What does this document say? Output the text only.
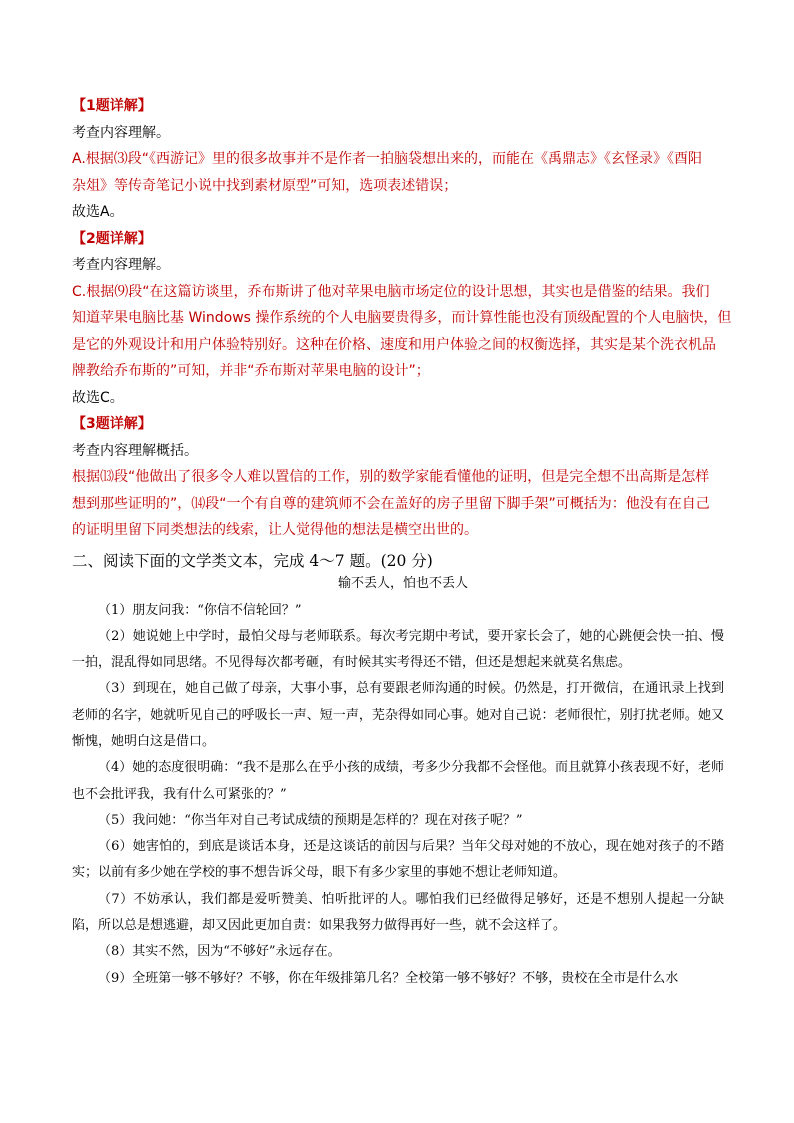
【1题详解】
考查内容理解。
A.根据⑶段“《西游记》里的很多故事并不是作者一拍脑袋想出来的，而能在《禹鼎志》《玄怪录》《酉阳
杂俎》等传奇笔记小说中找到素材原型”可知，选项表述错误；
故选A。
【2题详解】
考查内容理解。
C.根据⑼段“在这篇访谈里，乔布斯讲了他对苹果电脑市场定位的设计思想，其实也是借鉴的结果。我们
知道苹果电脑比基 Windows 操作系统的个人电脑要贵得多，而计算性能也没有顶级配置的个人电脑快，但
是它的外观设计和用户体验特别好。这种在价格、速度和用户体验之间的权衡选择，其实是某个洗衣机品
牌教给乔布斯的”可知，并非“乔布斯对苹果电脑的设计”；
故选C。
【3题详解】
考查内容理解概括。
根据⒀段“他做出了很多令人难以置信的工作，别的数学家能看懂他的证明，但是完全想不出高斯是怎样
想到那些证明的”，⒁段“一个有自尊的建筑师不会在盖好的房子里留下脚手架”可概括为：他没有在自己
的证明里留下同类想法的线索，让人觉得他的想法是横空出世的。
二、阅读下面的文学类文本，完成 4～7 题。(20 分)
输不丢人，怕也不丢人

（1）朋友问我：“你信不信轮回？”

（2）她说她上中学时，最怕父母与老师联系。每次考完期中考试，要开家长会了，她的心跳便会快一拍、慢一拍，混乱得如同思绪。不见得每次都考砸，有时候其实考得还不错，但还是想起来就莫名焦虑。

（3）到现在，她自己做了母亲，大事小事，总有要跟老师沟通的时候。仍然是，打开微信，在通讯录上找到老师的名字，她就听见自己的呼吸长一声、短一声，芜杂得如同心事。她对自己说：老师很忙，别打扰老师。她又惭愧，她明白这是借口。

（4）她的态度很明确：“我不是那么在乎小孩的成绩，考多少分我都不会怪他。而且就算小孩表现不好，老师也不会批评我，我有什么可紧张的？”

（5）我问她：“你当年对自己考试成绩的预期是怎样的？现在对孩子呢？”

（6）她害怕的，到底是谈话本身，还是这谈话的前因与后果？当年父母对她的不放心，现在她对孩子的不踏实；以前有多少她在学校的事不想告诉父母，眼下有多少家里的事她不想让老师知道。

（7）不妨承认，我们都是爱听赞美、怕听批评的人。哪怕我们已经做得足够好，还是不想别人提起一分缺陷，所以总是想逃避，却又因此更加自责：如果我努力做得再好一些，就不会这样了。

（8）其实不然，因为“不够好”永远存在。

（9）全班第一够不够好？不够，你在年级排第几名？全校第一够不够好？不够，贵校在全市是什么水
